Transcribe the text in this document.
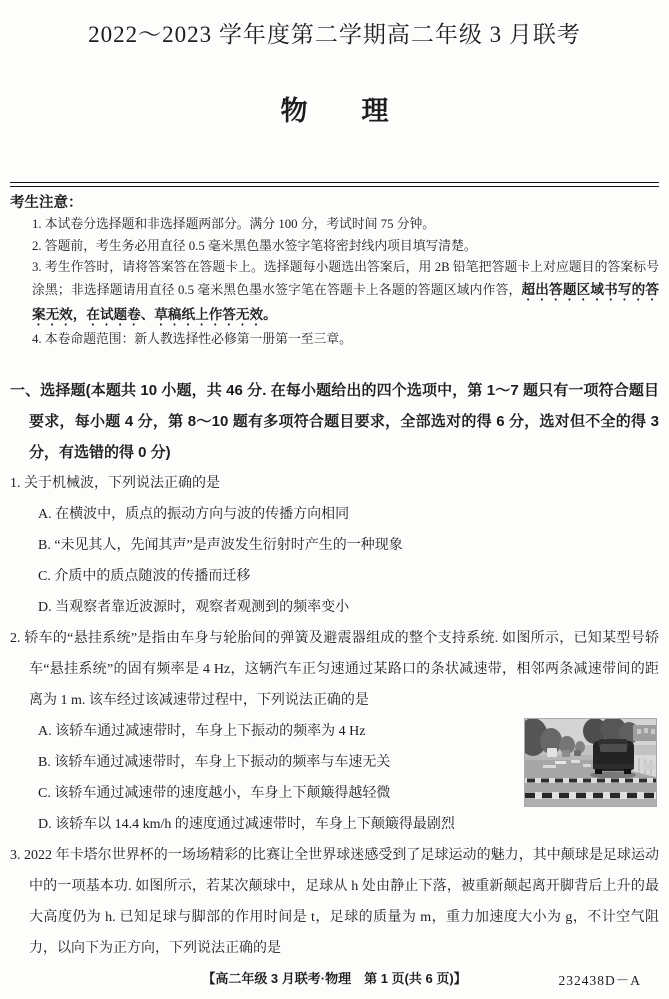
2022～2023 学年度第二学期高二年级 3 月联考
物　　理
考生注意：
1. 本试卷分选择题和非选择题两部分。满分 100 分，考试时间 75 分钟。
2. 答题前，考生务必用直径 0.5 毫米黑色墨水签字笔将密封线内项目填写清楚。
3. 考生作答时，请将答案答在答题卡上。选择题每小题选出答案后，用 2B 铅笔把答题卡上对应题目的答案标号涂黑；非选择题请用直径 0.5 毫米黑色墨水签字笔在答题卡上各题的答题区域内作答，超出答题区域书写的答案无效，在试题卷、草稿纸上作答无效。
4. 本卷命题范围：新人教选择性必修第一册第一至三章。
一、选择题(本题共 10 小题，共 46 分. 在每小题给出的四个选项中，第 1～7 题只有一项符合题目要求，每小题 4 分，第 8～10 题有多项符合题目要求，全部选对的得 6 分，选对但不全的得 3 分，有选错的得 0 分)
1. 关于机械波，下列说法正确的是
A. 在横波中，质点的振动方向与波的传播方向相同
B. “未见其人，先闻其声”是声波发生衍射时产生的一种现象
C. 介质中的质点随波的传播而迁移
D. 当观察者靠近波源时，观察者观测到的频率变小
2. 轿车的“悬挂系统”是指由车身与轮胎间的弹簧及避震器组成的整个支持系统. 如图所示，已知某型号轿车“悬挂系统”的固有频率是 4 Hz，这辆汽车正匀速通过某路口的条状减速带，相邻两条减速带间的距离为 1 m. 该车经过该减速带过程中，下列说法正确的是
A. 该轿车通过减速带时，车身上下振动的频率为 4 Hz
B. 该轿车通过减速带时，车身上下振动的频率与车速无关
C. 该轿车通过减速带的速度越小，车身上下颠簸得越轻微
D. 该轿车以 14.4 km/h 的速度通过减速带时，车身上下颠簸得最剧烈
3. 2022 年卡塔尔世界杯的一场场精彩的比赛让全世界球迷感受到了足球运动的魅力，其中颠球是足球运动中的一项基本功. 如图所示，若某次颠球中，足球从 h 处由静止下落，被重新颠起离开脚背后上升的最大高度仍为 h. 已知足球与脚部的作用时间是 t，足球的质量为 m，重力加速度大小为 g，不计空气阻力，以向下为正方向，下列说法正确的是
【高二年级 3 月联考·物理　第 1 页(共 6 页)】	232438D－A
